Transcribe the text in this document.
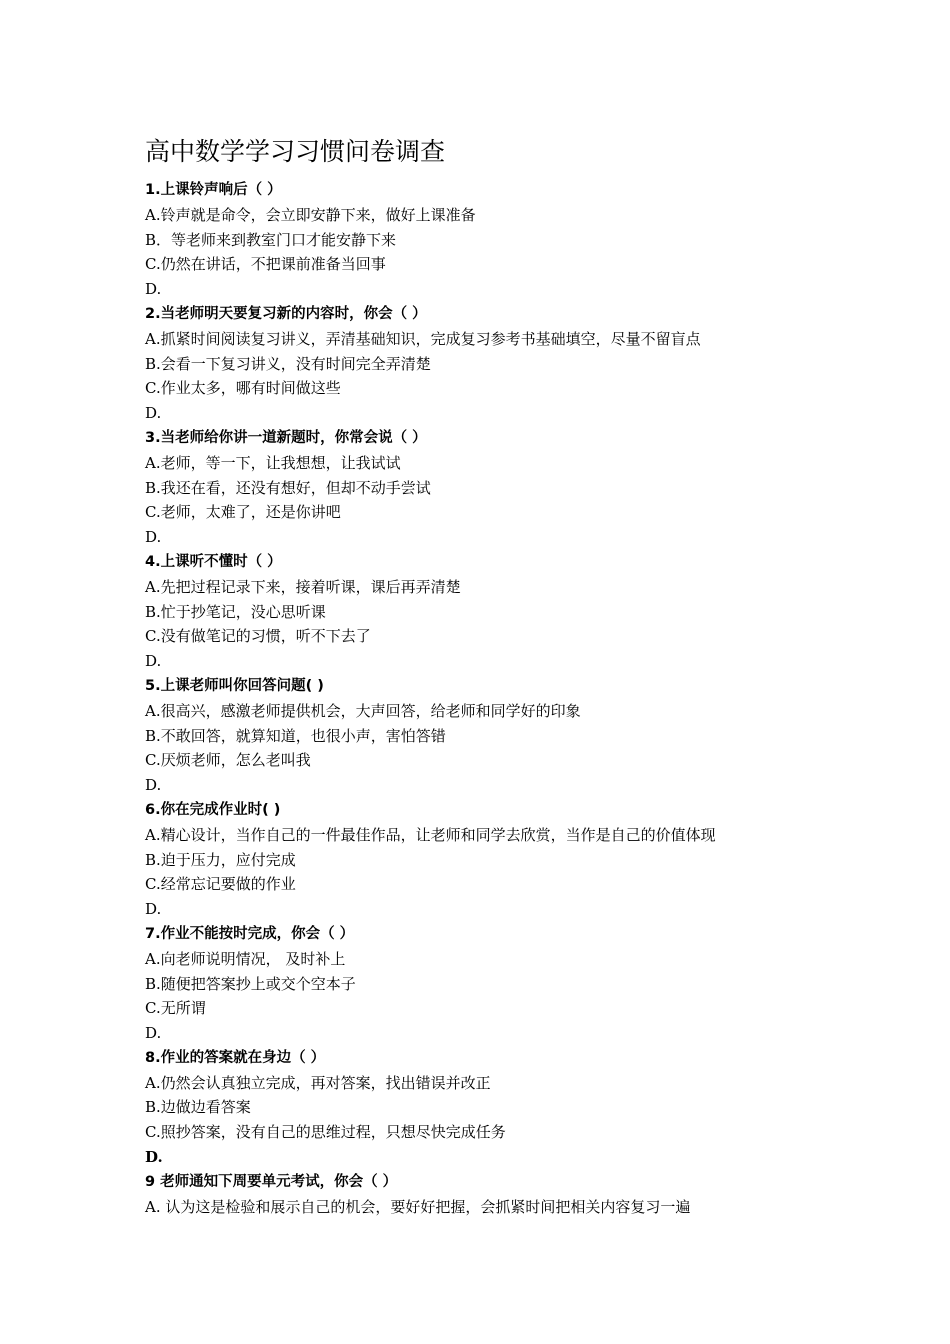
高中数学学习习惯问卷调查
1.上课铃声响后（ ）
A.铃声就是命令，会立即安静下来，做好上课准备
B．等老师来到教室门口才能安静下来
C.仍然在讲话，不把课前准备当回事
D.
2.当老师明天要复习新的内容时，你会（ ）
A.抓紧时间阅读复习讲义，弄清基础知识，完成复习参考书基础填空，尽量不留盲点
B.会看一下复习讲义，没有时间完全弄清楚
C.作业太多，哪有时间做这些
D.
3.当老师给你讲一道新题时，你常会说（ ）
A.老师，等一下，让我想想，让我试试
B.我还在看，还没有想好，但却不动手尝试
C.老师，太难了，还是你讲吧
D.
4.上课听不懂时（ ）
A.先把过程记录下来，接着听课，课后再弄清楚
B.忙于抄笔记，没心思听课
C.没有做笔记的习惯，听不下去了
D.
5.上课老师叫你回答问题( )
A.很高兴，感激老师提供机会，大声回答，给老师和同学好的印象
B.不敢回答，就算知道，也很小声，害怕答错
C.厌烦老师，怎么老叫我
D.
6.你在完成作业时( )
A.精心设计，当作自己的一件最佳作品，让老师和同学去欣赏，当作是自己的价值体现
B.迫于压力，应付完成
C.经常忘记要做的作业
D.
7.作业不能按时完成，你会（ ）
A.向老师说明情况， 及时补上
B.随便把答案抄上或交个空本子
C.无所谓
D.
8.作业的答案就在身边（ ）
A.仍然会认真独立完成，再对答案，找出错误并改正
B.边做边看答案
C.照抄答案，没有自己的思维过程，只想尽快完成任务
D.
9 老师通知下周要单元考试，你会（ ）
A. 认为这是检验和展示自己的机会，要好好把握，会抓紧时间把相关内容复习一遍
